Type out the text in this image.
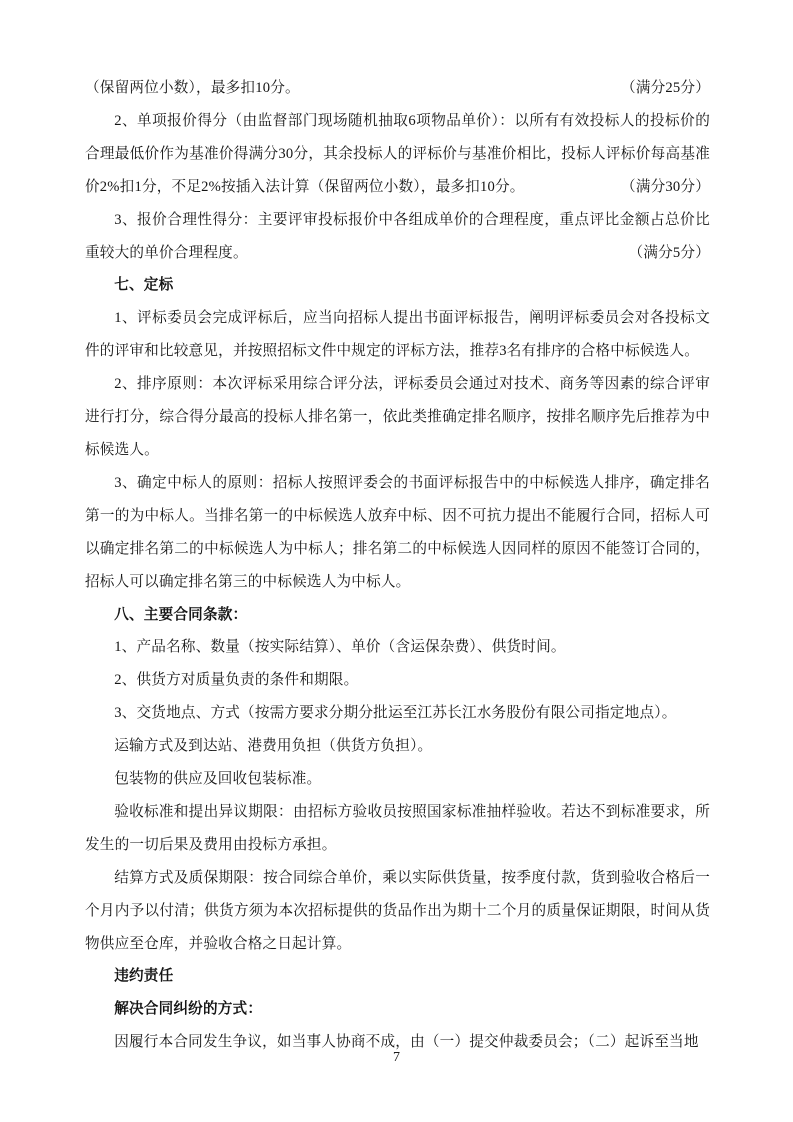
（保留两位小数），最多扣10分。	（满分25分）

2、单项报价得分（由监督部门现场随机抽取6项物品单价）：以所有有效投标人的投标价的合理最低价作为基准价得满分30分，其余投标人的评标价与基准价相比，投标人评标价每高基准价2%扣1分，不足2%按插入法计算（保留两位小数），最多扣10分。	（满分30分）

3、报价合理性得分：主要评审投标报价中各组成单价的合理程度，重点评比金额占总价比重较大的单价合理程度。	（满分5分）

七、定标

1、评标委员会完成评标后，应当向招标人提出书面评标报告，阐明评标委员会对各投标文件的评审和比较意见，并按照招标文件中规定的评标方法，推荐3名有排序的合格中标候选人。

2、排序原则：本次评标采用综合评分法，评标委员会通过对技术、商务等因素的综合评审进行打分，综合得分最高的投标人排名第一，依此类推确定排名顺序，按排名顺序先后推荐为中标候选人。

3、确定中标人的原则：招标人按照评委会的书面评标报告中的中标候选人排序，确定排名第一的为中标人。当排名第一的中标候选人放弃中标、因不可抗力提出不能履行合同，招标人可以确定排名第二的中标候选人为中标人；排名第二的中标候选人因同样的原因不能签订合同的，招标人可以确定排名第三的中标候选人为中标人。

八、主要合同条款：

1、产品名称、数量（按实际结算）、单价（含运保杂费）、供货时间。

2、供货方对质量负责的条件和期限。

3、交货地点、方式（按需方要求分期分批运至江苏长江水务股份有限公司指定地点）。

运输方式及到达站、港费用负担（供货方负担）。

包装物的供应及回收包装标准。

验收标准和提出异议期限：由招标方验收员按照国家标准抽样验收。若达不到标准要求，所发生的一切后果及费用由投标方承担。

结算方式及质保期限：按合同综合单价，乘以实际供货量，按季度付款，货到验收合格后一个月内予以付清；供货方须为本次招标提供的货品作出为期十二个月的质量保证期限，时间从货物供应至仓库，并验收合格之日起计算。

违约责任

解决合同纠纷的方式：

因履行本合同发生争议，如当事人协商不成，由（一）提交仲裁委员会；（二）起诉至当地

7
